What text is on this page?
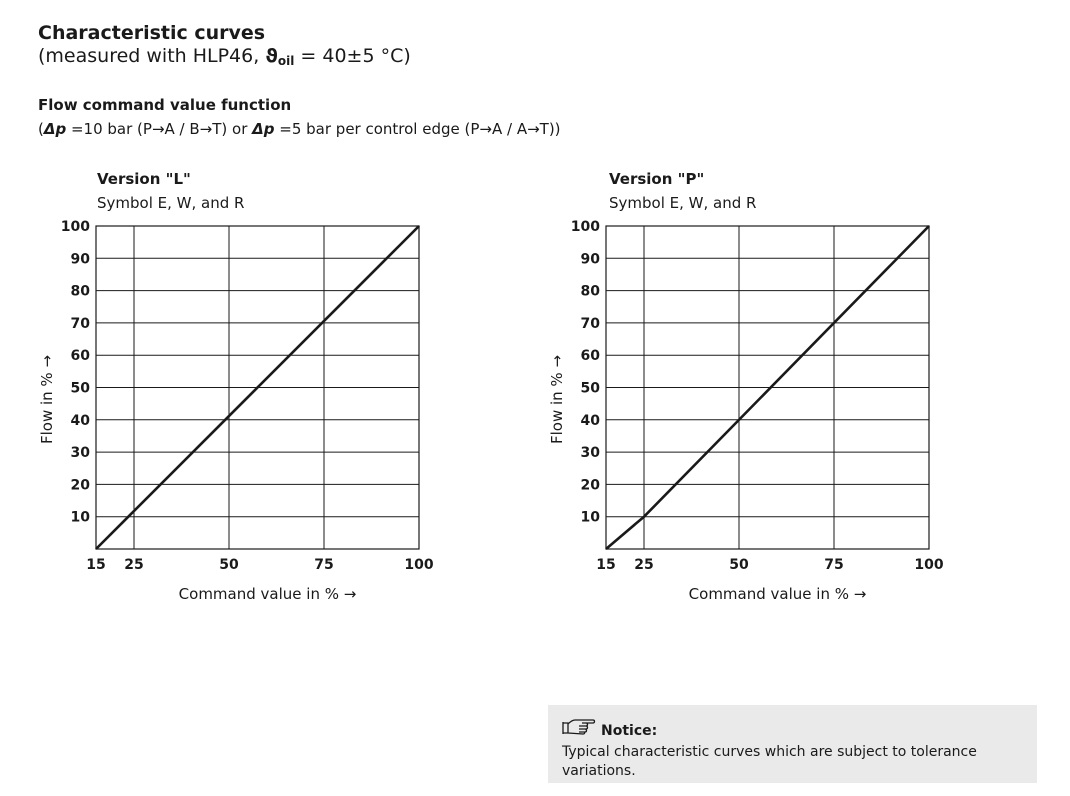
Characteristic curves
(measured with HLP46, $ϑ_{oil} = 40\pm 5$ °C)
Flow command value function
(Δp =10 bar (P→A / B→T) or Δp =5 bar per control edge (P→A / A→T))
Version "L"
Symbol E, W, and R
10
20
30
40
50
60
70
80
90
100
15 25	50	75	100
Command value in % →
Flow in % →
Version "P"
Symbol E, W, and R
10
20
30
40
50
60
70
80
90
100
15 25	50	75	100
Command value in % →
Flow in % →
Notice:
Typical characteristic curves which are subject to tolerance variations.
